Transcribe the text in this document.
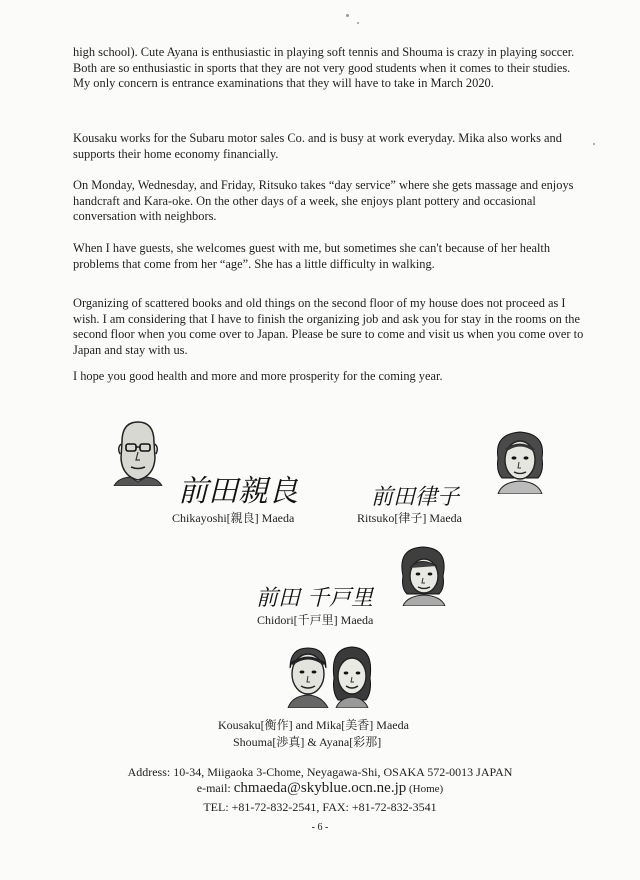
high school). Cute Ayana is enthusiastic in playing soft tennis and Shouma is crazy in playing soccer. Both are so enthusiastic in sports that they are not very good students when it comes to their studies. My only concern is entrance examinations that they will have to take in March 2020.

Kousaku works for the Subaru motor sales Co. and is busy at work everyday. Mika also works and supports their home economy financially.

On Monday, Wednesday, and Friday, Ritsuko takes “day service” where she gets massage and enjoys handcraft and Kara-oke. On the other days of a week, she enjoys plant pottery and occasional conversation with neighbors.

When I have guests, she welcomes guest with me, but sometimes she can't because of her health problems that come from her “age”. She has a little difficulty in walking.

Organizing of scattered books and old things on the second floor of my house does not proceed as I wish. I am considering that I have to finish the organizing job and ask you for stay in the rooms on the second floor when you come over to Japan. Please be sure to come and visit us when you come over to Japan and stay with us.

I hope you good health and more and more prosperity for the coming year.

前田親良
Chikayoshi[親良] Maeda
前田律子
Ritsuko[律子] Maeda
前田 千戸里
Chidori[千戸里] Maeda
Kousaku[衡作] and Mika[美香] Maeda
Shouma[渉真] & Ayana[彩那]
Address: 10-34, Miigaoka 3-Chome, Neyagawa-Shi, OSAKA 572-0013 JAPAN
e-mail: chmaeda@skyblue.ocn.ne.jp (Home)
TEL: +81-72-832-2541, FAX: +81-72-832-3541
- 6 -
